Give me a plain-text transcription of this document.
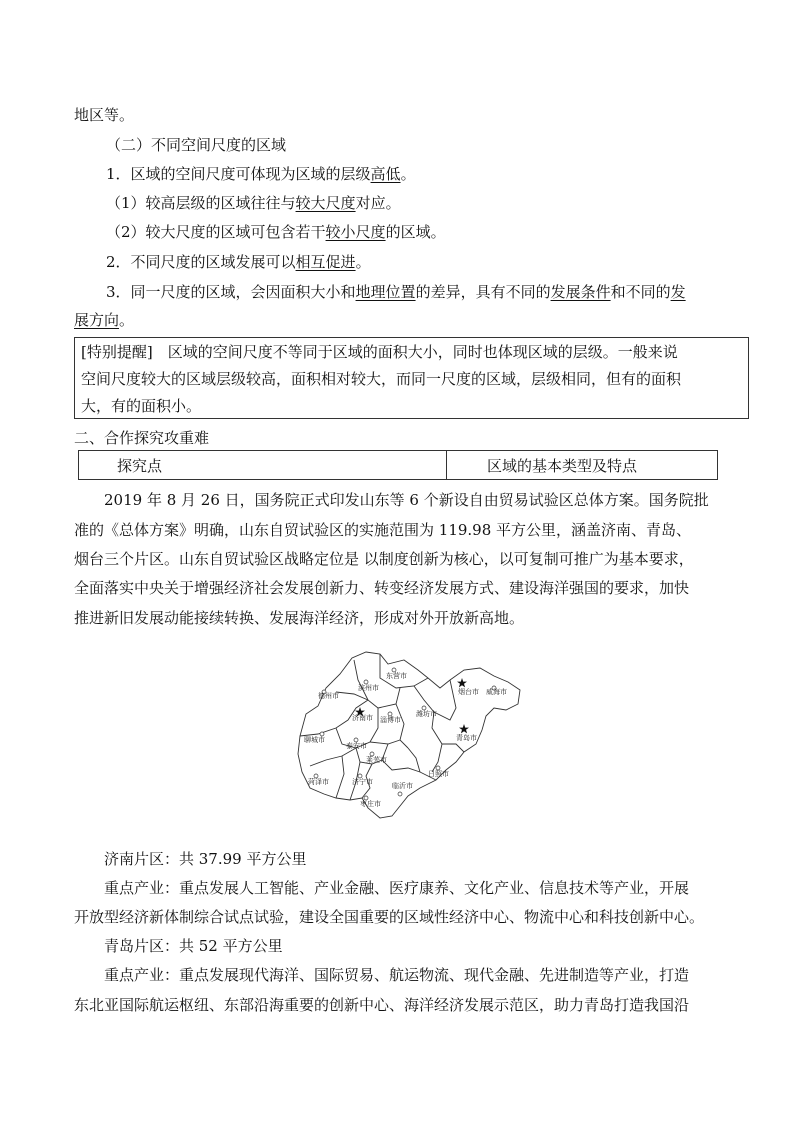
地区等。
（二）不同空间尺度的区域
1．区域的空间尺度可体现为区域的层级高低。
（1）较高层级的区域往往与较大尺度对应。
（2）较大尺度的区域可包含若干较小尺度的区域。
2．不同尺度的区域发展可以相互促进。
3．同一尺度的区域，会因面积大小和地理位置的差异，具有不同的发展条件和不同的发
展方向。
[特别提醒]　区域的空间尺度不等同于区域的面积大小，同时也体现区域的层级。一般来说
空间尺度较大的区域层级较高，面积相对较大，而同一尺度的区域，层级相同，但有的面积
大，有的面积小。
二、合作探究攻重难
探究点	区域的基本类型及特点
2019 年 8 月 26 日，国务院正式印发山东等 6 个新设自由贸易试验区总体方案。国务院批
准的《总体方案》明确，山东自贸试验区的实施范围为 119.98 平方公里，涵盖济南、青岛、
烟台三个片区。山东自贸试验区战略定位是 以制度创新为核心，以可复制可推广为基本要求，
全面落实中央关于增强经济社会发展创新力、转变经济发展方式、建设海洋强国的要求，加快
推进新旧发展动能接续转换、发展海洋经济，形成对外开放新高地。
德州市
滨州市
东营市
烟台市 威海市
济南市 淄博市
潍坊市
聊城市	青岛市
泰安市
莱芜市
菏泽市	济宁市	临沂市
日照市
枣庄市
济南片区：共 37.99 平方公里
重点产业：重点发展人工智能、产业金融、医疗康养、文化产业、信息技术等产业，开展
开放型经济新体制综合试点试验，建设全国重要的区域性经济中心、物流中心和科技创新中心。
青岛片区：共 52 平方公里
重点产业：重点发展现代海洋、国际贸易、航运物流、现代金融、先进制造等产业，打造
东北亚国际航运枢纽、东部沿海重要的创新中心、海洋经济发展示范区，助力青岛打造我国沿
